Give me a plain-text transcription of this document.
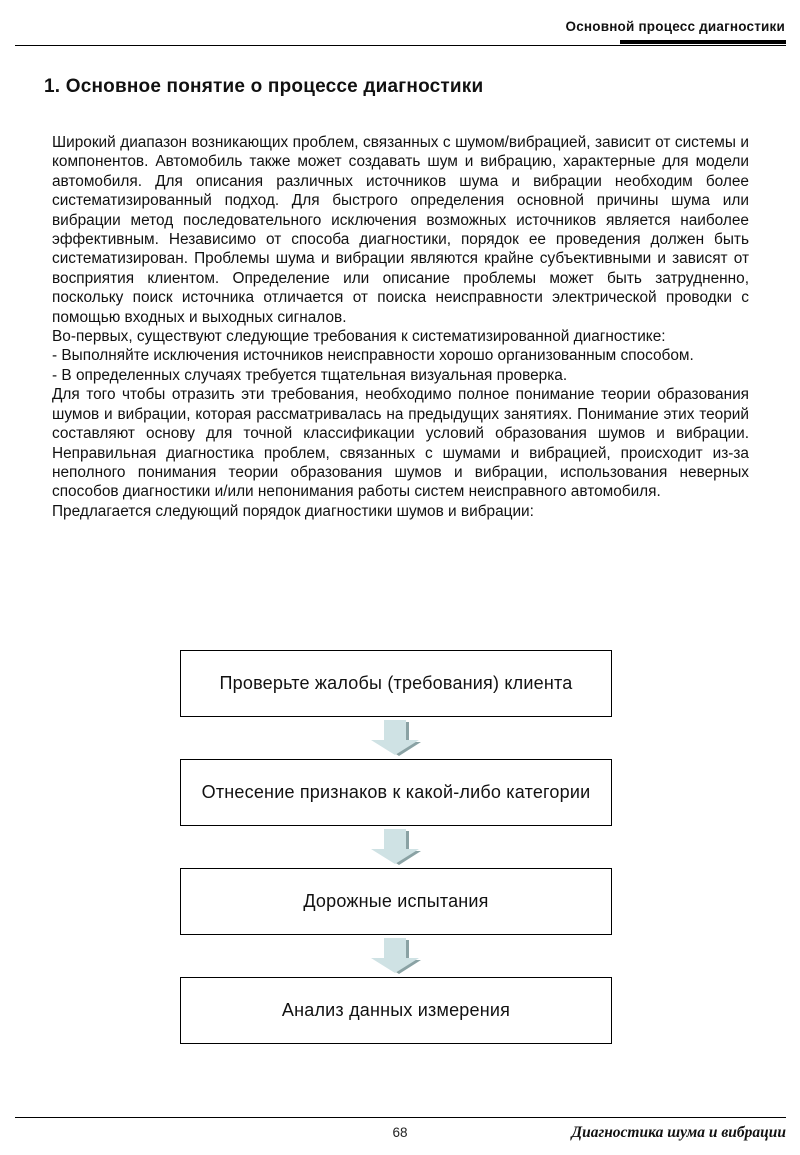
Основной процесс диагностики
1. Основное понятие о процессе диагностики

Широкий диапазон возникающих проблем, связанных с шумом/вибрацией, зависит от системы и компонентов. Автомобиль также может создавать шум и вибрацию, характерные для модели автомобиля. Для описания различных источников шума и вибрации необходим более систематизированный подход. Для быстрого определения основной причины шума или вибрации метод последовательного исключения возможных источников является наиболее эффективным. Независимо от способа диагностики, порядок ее проведения должен быть систематизирован. Проблемы шума и вибрации являются крайне субъективными и зависят от восприятия клиентом. Определение или описание проблемы может быть затрудненно, поскольку поиск источника отличается от поиска неисправности электрической проводки с помощью входных и выходных сигналов.

Во-первых, существуют следующие требования к систематизированной диагностике:

- Выполняйте исключения источников неисправности хорошо организованным способом.

- В определенных случаях требуется тщательная визуальная проверка.

Для того чтобы отразить эти требования, необходимо полное понимание теории образования шумов и вибрации, которая рассматривалась на предыдущих занятиях. Понимание этих теорий составляют основу для точной классификации условий образования шумов и вибрации. Неправильная диагностика проблем, связанных с шумами и вибрацией, происходит из-за неполного понимания теории образования шумов и вибрации, использования неверных способов диагностики и/или непонимания работы систем неисправного автомобиля.

Предлагается следующий порядок диагностики шумов и вибрации:

Проверьте жалобы (требования) клиента
Отнесение признаков к какой-либо категории
Дорожные испытания
Анализ данных измерения
68	Диагностика шума и вибрации
